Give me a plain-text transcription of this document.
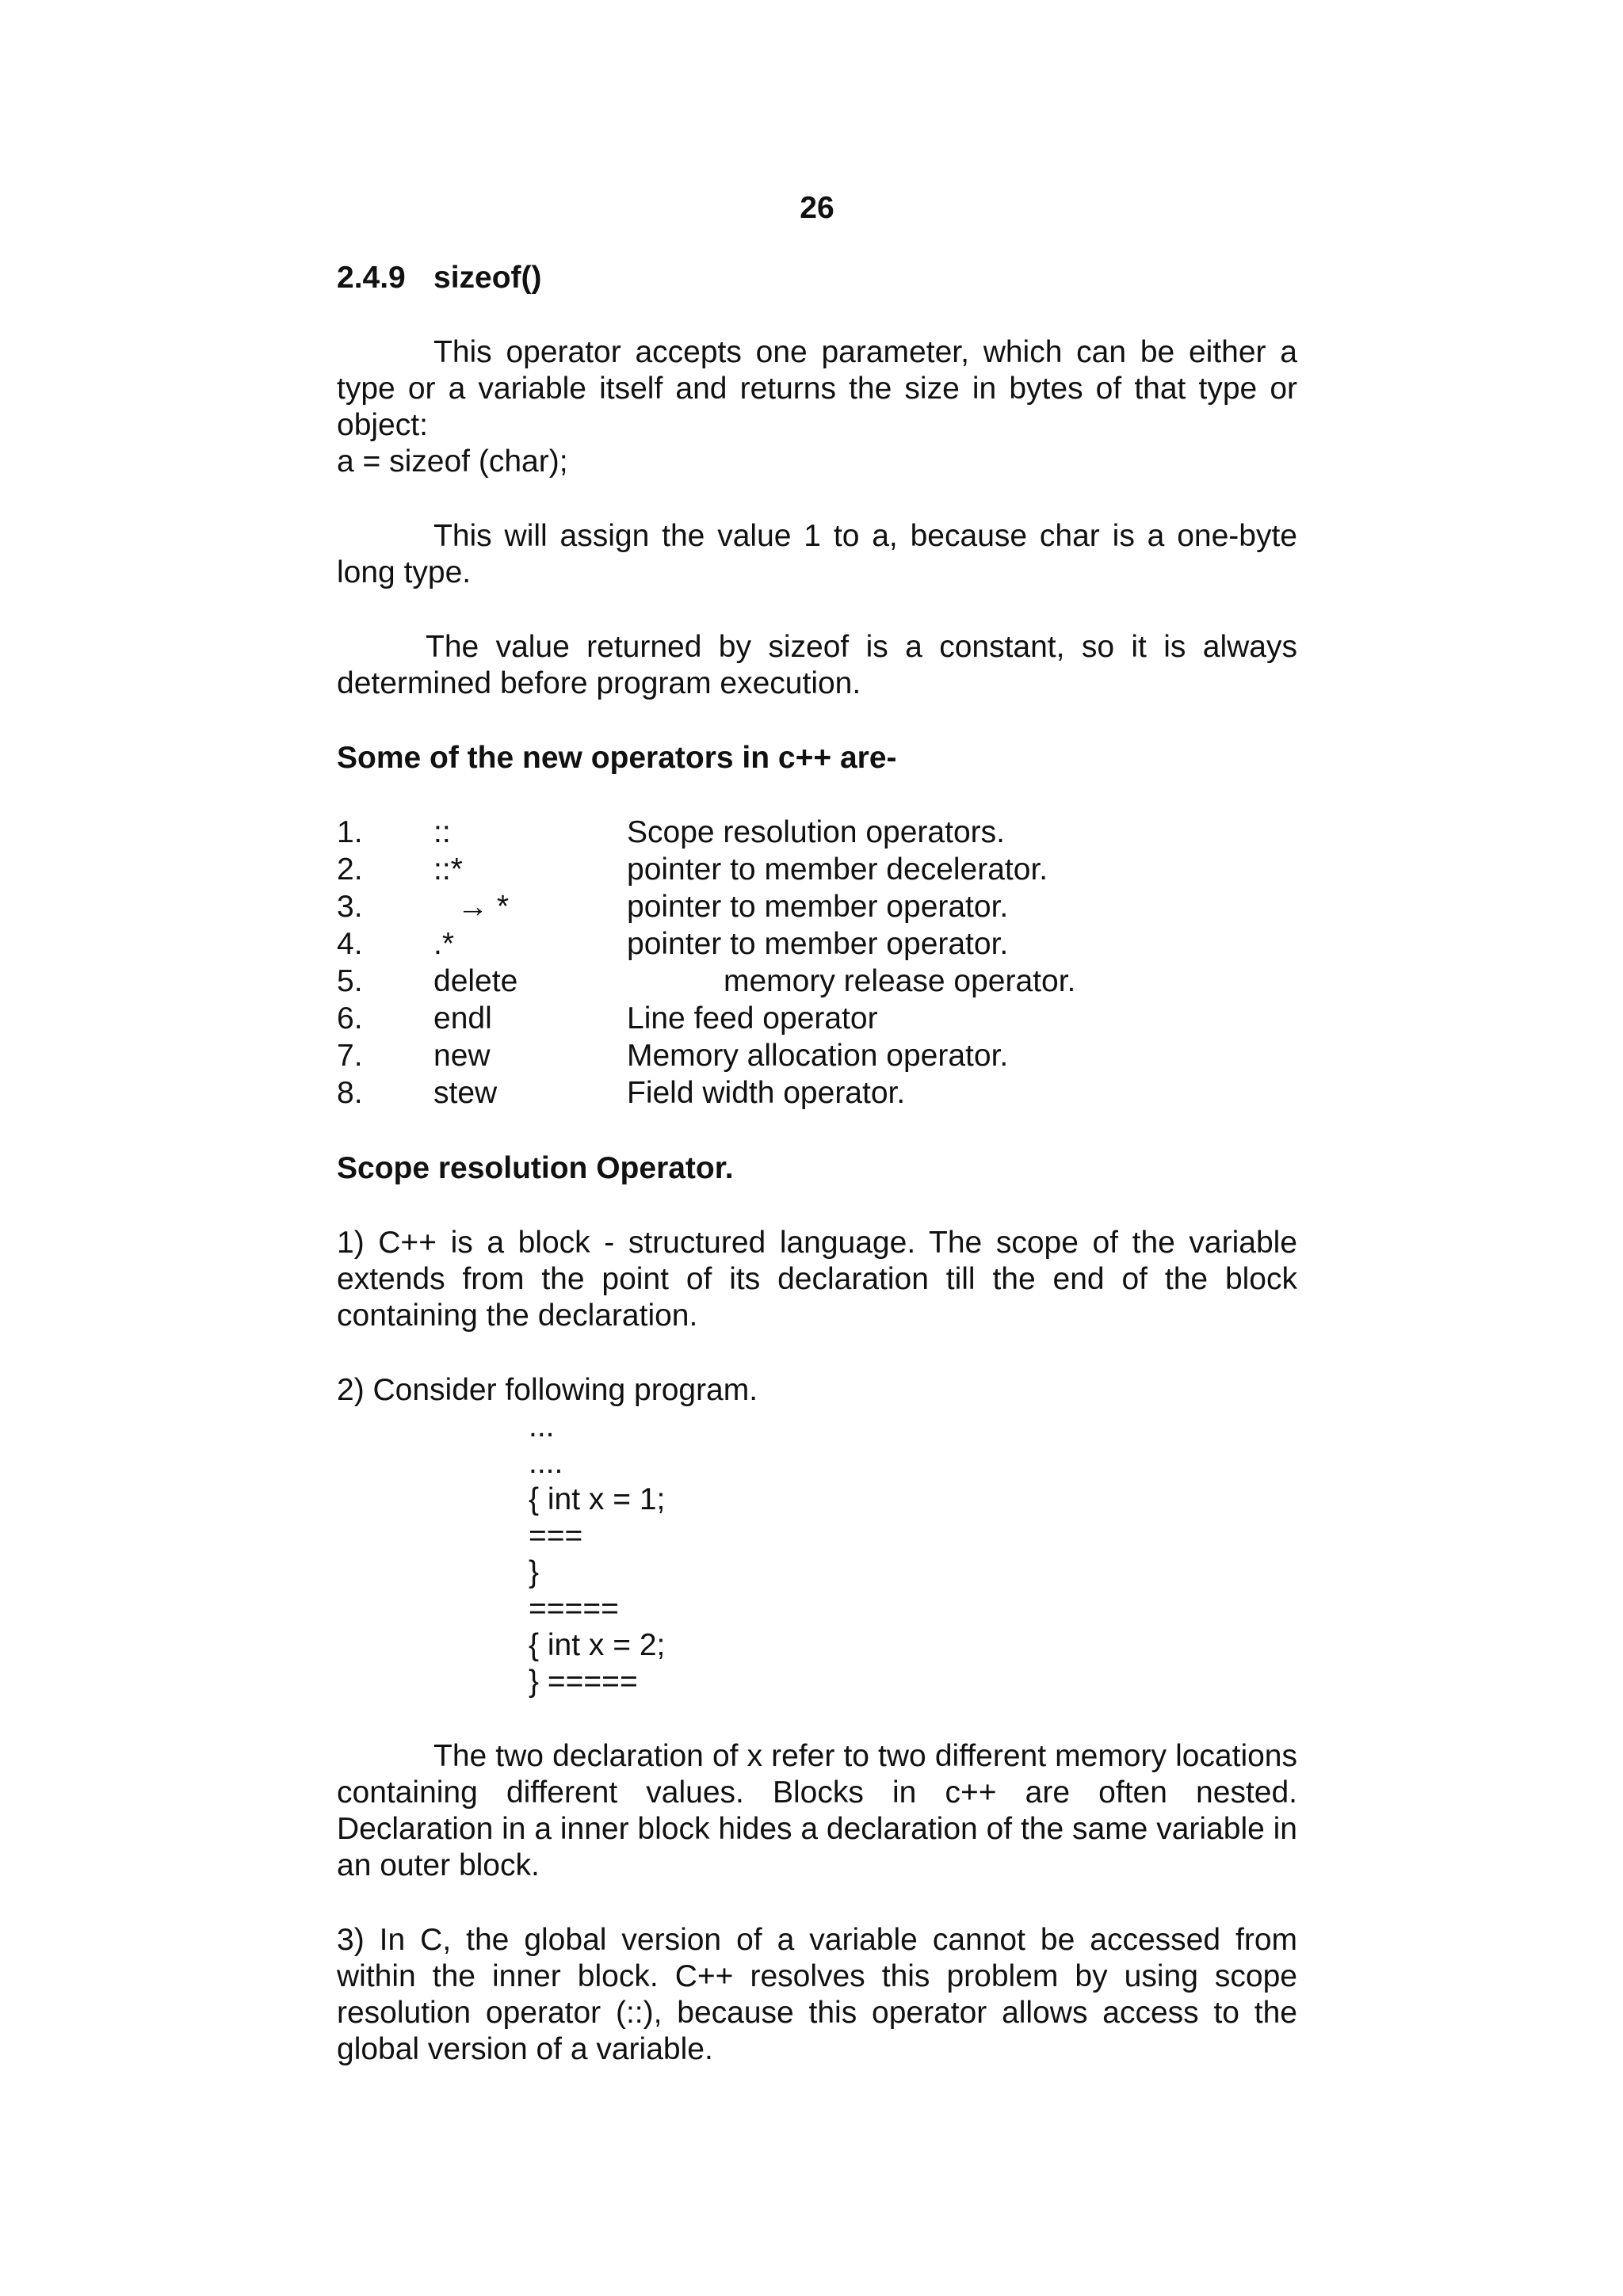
26
2.4.9 sizeof()

This operator accepts one parameter, which can be either a type or a variable itself and returns the size in bytes of that type or object:

a = sizeof (char);

This will assign the value 1 to a, because char is a one-byte long type.

The value returned by sizeof is a constant, so it is always determined before program execution.

Some of the new operators in c++ are-

1.	::	Scope resolution operators.
2.	::*	pointer to member decelerator.
3.	→ *	pointer to member operator.
4.	.*	pointer to member operator.
5.	delete	memory release operator.
6.	endl	Line feed operator
7.	new	Memory allocation operator.
8.	stew	Field width operator.

Scope resolution Operator.

1) C++ is a block - structured language. The scope of the variable extends from the point of its declaration till the end of the block containing the declaration.

2) Consider following program.

...
....
{ int x = 1;
===
}
=====
{ int x = 2;
} =====

The two declaration of x refer to two different memory locations containing different values. Blocks in c++ are often nested. Declaration in a inner block hides a declaration of the same variable in an outer block.

3) In C, the global version of a variable cannot be accessed from within the inner block. C++ resolves this problem by using scope resolution operator (::), because this operator allows access to the global version of a variable.
